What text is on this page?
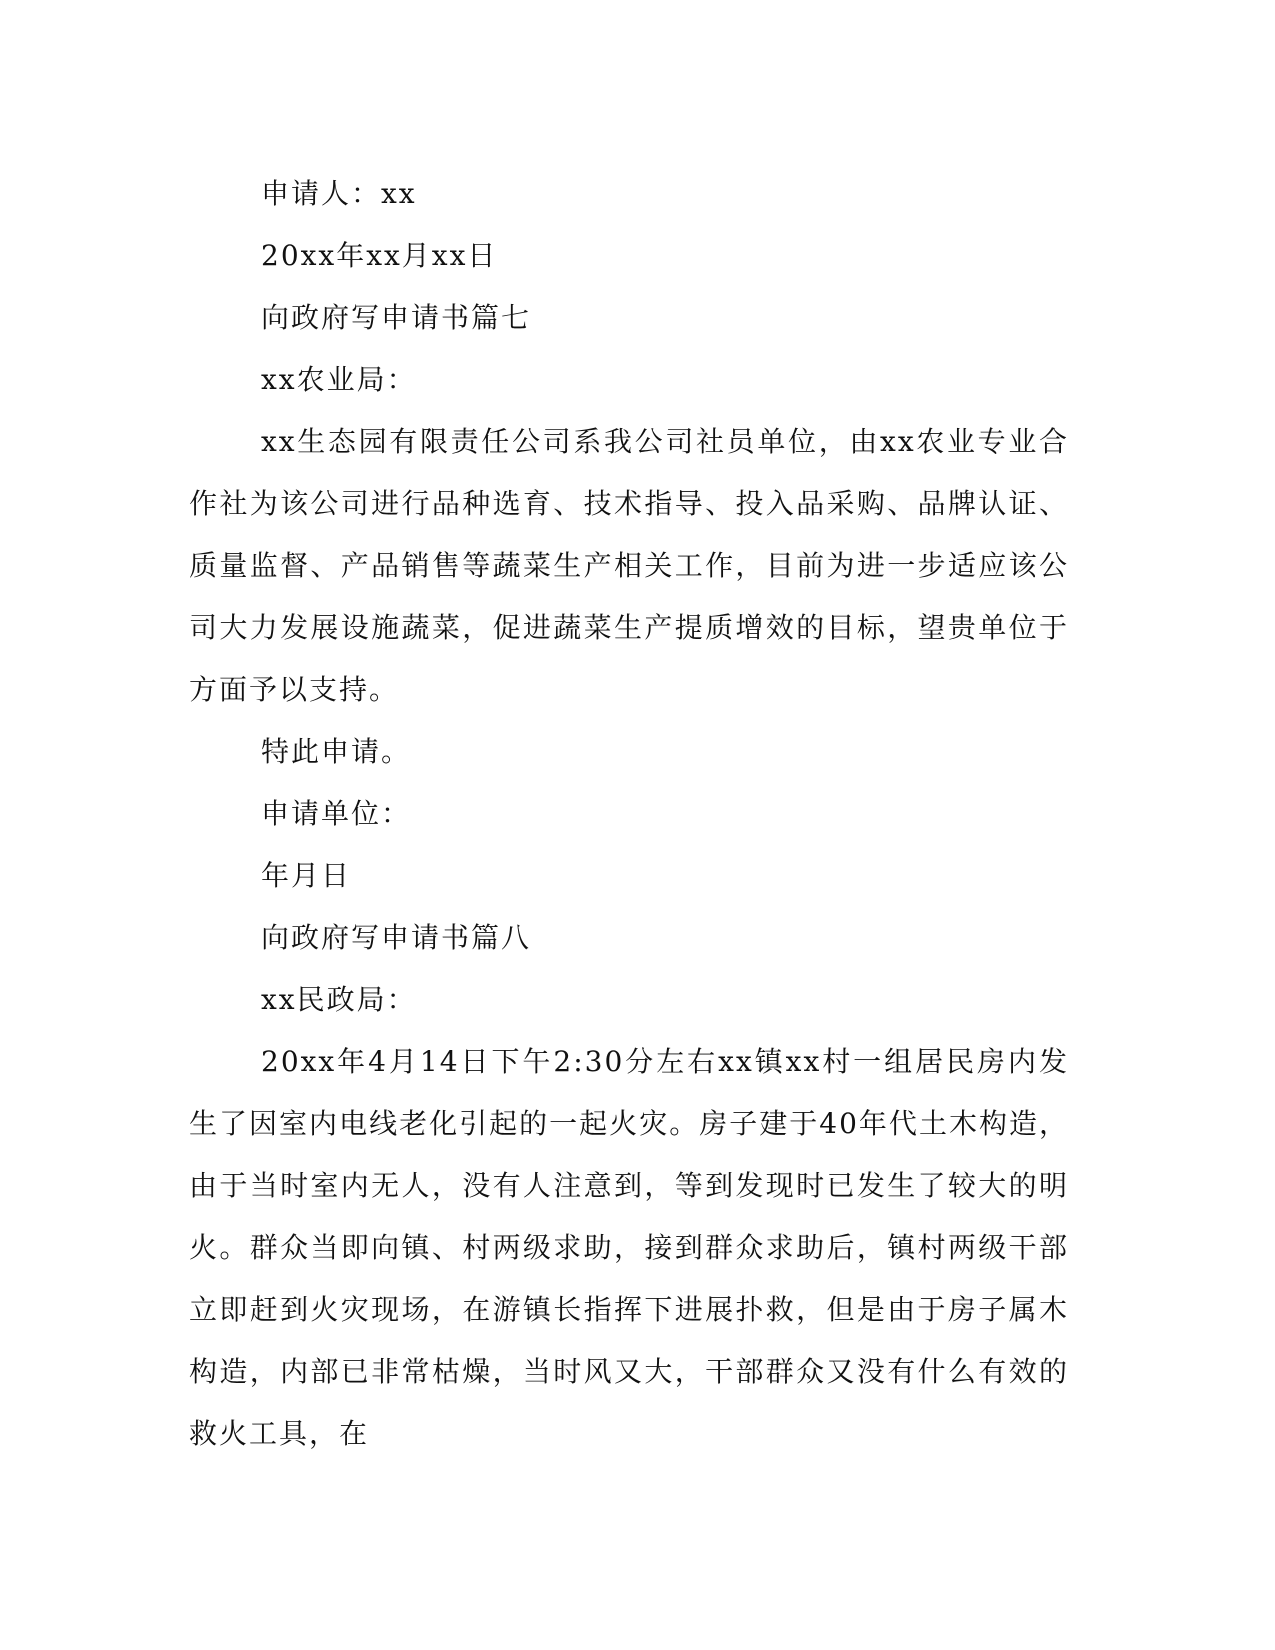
申请人：xx

20xx年xx月xx日

向政府写申请书篇七

xx农业局：

xx生态园有限责任公司系我公司社员单位，由xx农业专业合作社为该公司进行品种选育、技术指导、投入品采购、品牌认证、质量监督、产品销售等蔬菜生产相关工作，目前为进一步适应该公司大力发展设施蔬菜，促进蔬菜生产提质增效的目标，望贵单位于方面予以支持。

特此申请。

申请单位：

年月日

向政府写申请书篇八

xx民政局：

20xx年4月14日下午2:30分左右xx镇xx村一组居民房内发生了因室内电线老化引起的一起火灾。房子建于40年代土木构造，由于当时室内无人，没有人注意到，等到发现时已发生了较大的明火。群众当即向镇、村两级求助，接到群众求助后，镇村两级干部立即赶到火灾现场，在游镇长指挥下进展扑救，但是由于房子属木构造，内部已非常枯燥，当时风又大，干部群众又没有什么有效的救火工具，在
